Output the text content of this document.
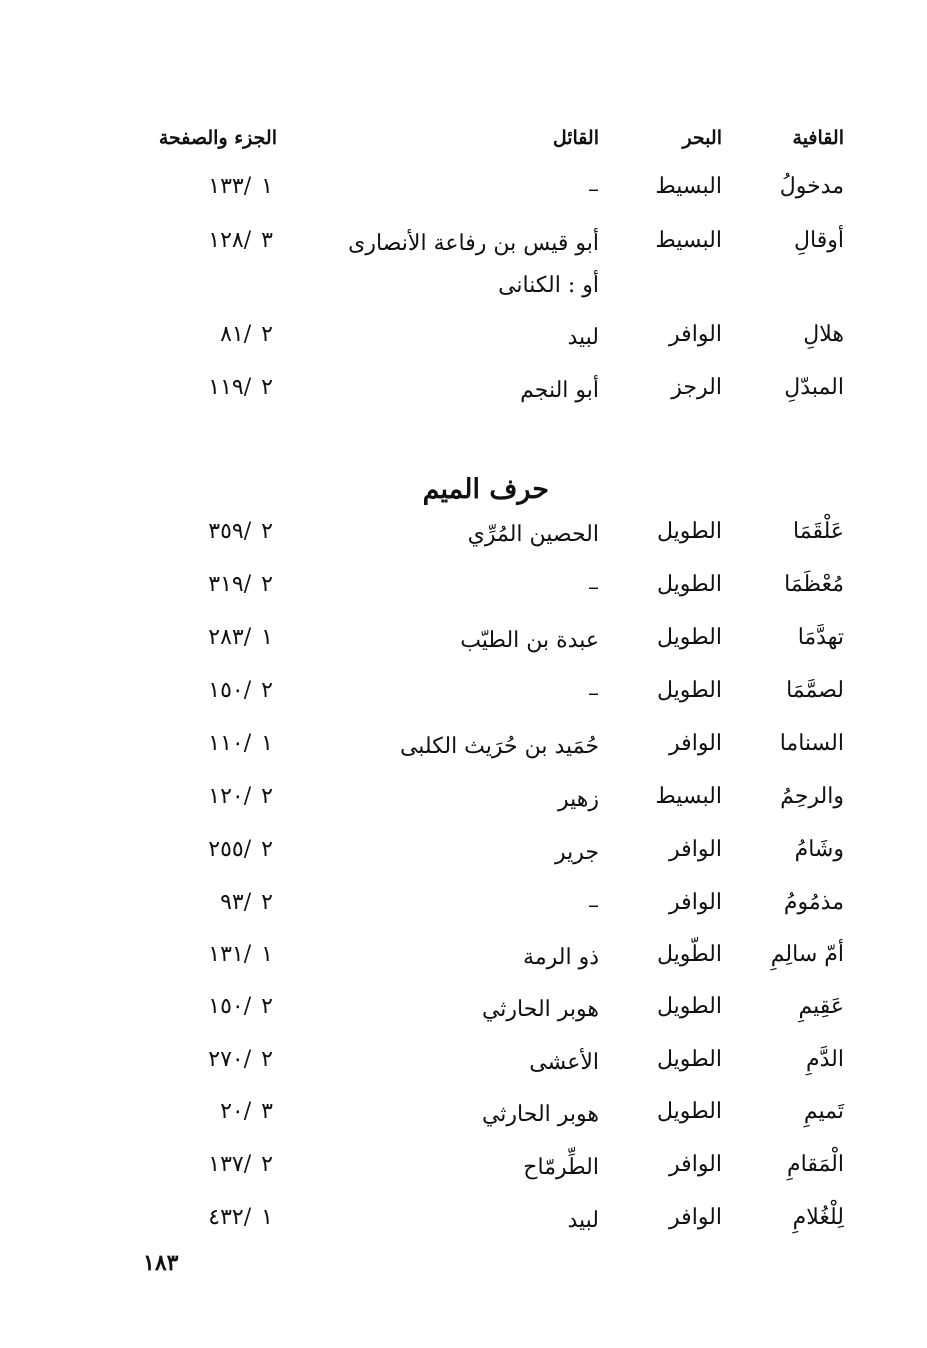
القافية
البحر
القائل
الجزء والصفحة
مدخولُ
البسيط
–
١/١٣٣
أوقالِ
البسيط
أبو قيس بن رفاعة الأنصارى
أو : الكنانى
٣/١٢٨
هلالِ
الوافر
لبيد
٢/٨١
المبدّلِ
الرجز
أبو النجم
٢/١١٩
حرف الميم
عَلْقَمَا
الطويل
الحصين المُرِّي
٢/٣٥٩
مُعْظَمَا
الطويل
–
٢/٣١٩
تهدَّمَا
الطويل
عبدة بن الطيّب
١/٢٨٣
لصمَّمَا
الطويل
–
٢/١٥٠
السناما
الوافر
حُمَيد بن حُرَيث الكلبى
١/١١٠
والرحِمُ
البسيط
زهير
٢/١٢٠
وشَامُ
الوافر
جرير
٢/٢٥٥
مذمُومُ
الوافر
–
٢/٩٣
أمّ سالِمِ
الطّويل
ذو الرمة
١/١٣١
عَقِيمِ
الطويل
هوبر الحارثي
٢/١٥٠
الدَّمِ
الطويل
الأعشى
٢/٢٧٠
تَميمِ
الطويل
هوبر الحارثي
٣/٢٠
الْمَقامِ
الوافر
الطِّرمّاح
٢/١٣٧
لِلْغُلامِ
الوافر
لبيد
١/٤٣٢
١٨٣
